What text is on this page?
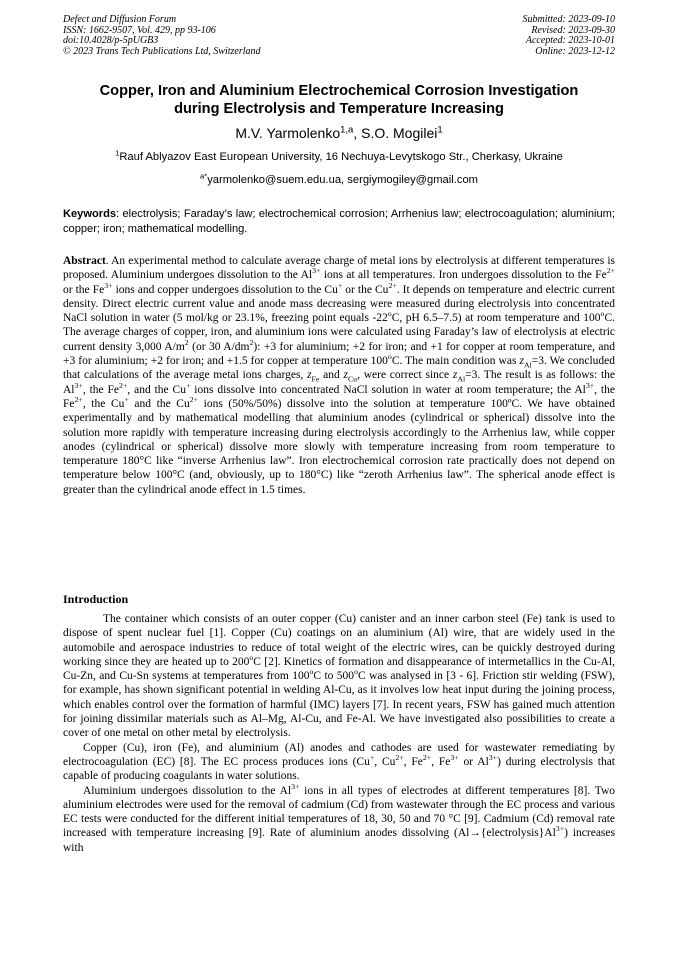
Defect and Diffusion Forum
ISSN: 1662-9507, Vol. 429, pp 93-106
doi:10.4028/p-5pUGB3
© 2023 Trans Tech Publications Ltd, Switzerland
Submitted: 2023-09-10
Revised: 2023-09-30
Accepted: 2023-10-01
Online: 2023-12-12
Copper, Iron and Aluminium Electrochemical Corrosion Investigation
during Electrolysis and Temperature Increasing
M.V. Yarmolenko$^{1,a}$, S.O. Mogilei$^1$
$^1$Rauf Ablyazov East European University, 16 Nechuya-Levytskogo Str., Cherkasy, Ukraine
$^{a*}$yarmolenko@suem.edu.ua, sergiymogiley@gmail.com
Keywords: electrolysis; Faraday’s law; electrochemical corrosion; Arrhenius law; electrocoagulation; aluminium; copper; iron; mathematical modelling.
Abstract. An experimental method to calculate average charge of metal ions by electrolysis at different temperatures is proposed. Aluminium undergoes dissolution to the $Al^{3+}$ ions at all temperatures. Iron undergoes dissolution to the $Fe^{2+}$ or the $Fe^{3+}$ ions and copper undergoes dissolution to the Cu+ or the $Cu^{2+}$. It depends on temperature and electric current density. Direct electric current value and anode mass decreasing were measured during electrolysis into concentrated NaCl solution in water (5 mol/kg or 23.1%, freezing point equals -22$^o$C, pH 6.5–7.5) at room temperature and 100$^o$C. The average charges of copper, iron, and aluminium ions were calculated using Faraday’s law of electrolysis at electric current density 3,000 $A/m^2$ (or 30 $A/dm^2$): +3 for aluminium; +2 for iron; and +1 for copper at room temperature, and +3 for aluminium; +2 for iron; and +1.5 for copper at temperature 100$^o$C. The main condition was $z_{Al}=3$. We concluded that calculations of the average metal ions charges, $z_{Fe}$ and $z_{Cu}$, were correct since $z_{Al}=3$. The result is as follows: the $Al^{3+}$, the $Fe^{2+}$, and the Cu+ ions dissolve into concentrated NaCl solution in water at room temperature; the $Al^{3+}$, the $Fe^{2+}$, the Cu+ and the $Cu^{2+}$ ions (50%/50%) dissolve into the solution at temperature 100ºC. We have obtained experimentally and by mathematical modelling that aluminium anodes (cylindrical or spherical) dissolve into the solution more rapidly with temperature increasing during electrolysis accordingly to the Arrhenius law, while copper anodes (cylindrical or spherical) dissolve more slowly with temperature increasing from room temperature to temperature 180°C like “inverse Arrhenius law”. Iron electrochemical corrosion rate practically does not depend on temperature below 100°C (and, obviously, up to 180°C) like “zeroth Arrhenius law”. The spherical anode effect is greater than the cylindrical anode effect in 1.5 times.
Introduction

The container which consists of an outer copper (Cu) canister and an inner carbon steel (Fe) tank is used to dispose of spent nuclear fuel [1]. Copper (Cu) coatings on an aluminium (Al) wire, that are widely used in the automobile and aerospace industries to reduce of total weight of the electric wires, can be quickly destroyed during working since they are heated up to 200$^o$C [2]. Kinetics of formation and disappearance of intermetallics in the Cu-Al, Cu-Zn, and Cu-Sn systems at temperatures from 100$^o$C to 500$^o$C was analysed in [3 - 6]. Friction stir welding (FSW), for example, has shown significant potential in welding Al-Cu, as it involves low heat input during the joining process, which enables control over the formation of harmful (IMC) layers [7]. In recent years, FSW has gained much attention for joining dissimilar materials such as Al–Mg, Al-Cu, and Fe-Al. We have investigated also possibilities to create a cover of one metal on other metal by electrolysis.

Copper (Cu), iron (Fe), and aluminium (Al) anodes and cathodes are used for wastewater remediating by electrocoagulation (EC) [8]. The EC process produces ions (Cu+, $Cu^{2+}$, $Fe^{2+}$, $Fe^{3+}$ or $Al^{3+}$) during electrolysis that capable of producing coagulants in water solutions.

Aluminium undergoes dissolution to the $Al^{3+}$ ions in all types of electrodes at different temperatures [8]. Two aluminium electrodes were used for the removal of cadmium (Cd) from wastewater through the EC process and various EC tests were conducted for the different initial temperatures of 18, 30, 50 and 70 °C [9]. Cadmium (Cd) removal rate increased with temperature increasing [9]. Rate of aluminium anodes dissolving $(Al\to\{electrolysis\}Al^{3+})$ increases with
